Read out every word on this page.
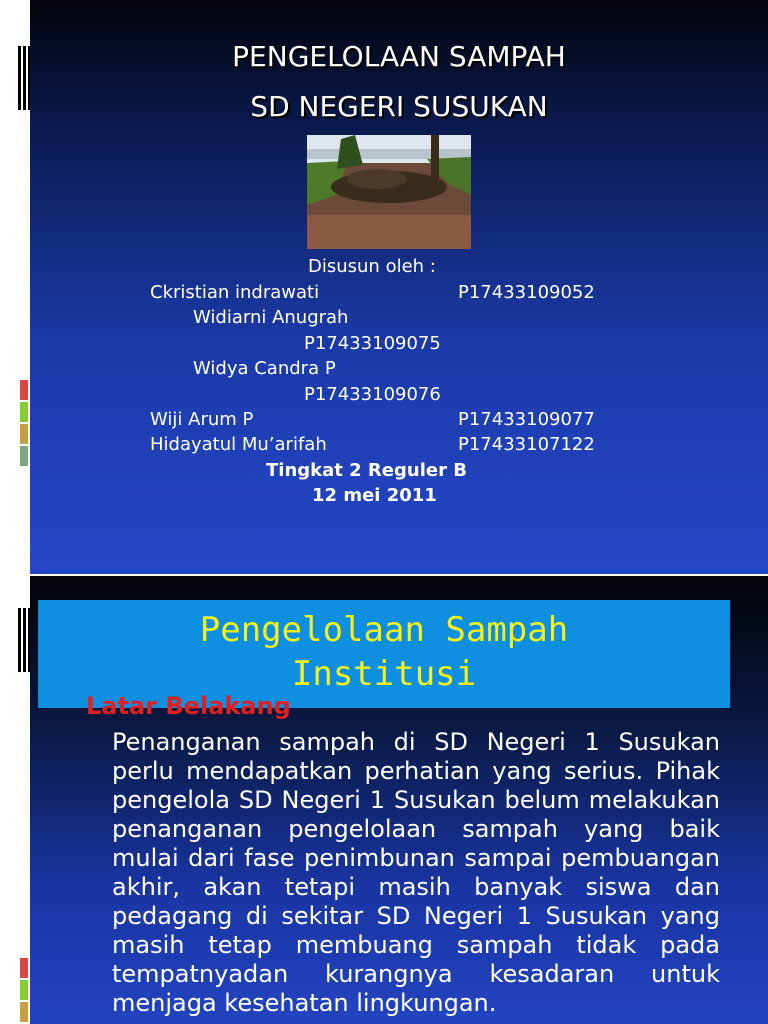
PENGELOLAAN SAMPAH
SD NEGERI SUSUKAN
Disusun oleh :
Ckristian indrawati	P17433109052
Widiarni Anugrah
P17433109075
Widya Candra P
P17433109076
Wiji Arum P	P17433109077
Hidayatul Mu’arifah	P17433107122
Tingkat 2 Reguler B
12 mei 2011
Pengelolaan Sampah
Institusi
Latar Belakang
Penanganan sampah di SD Negeri 1 Susukan perlu mendapatkan perhatian yang serius. Pihak pengelola SD Negeri 1 Susukan belum melakukan penanganan pengelolaan sampah yang baik mulai dari fase penimbunan sampai pembuangan akhir, akan tetapi masih banyak siswa dan pedagang di sekitar SD Negeri 1 Susukan yang masih tetap membuang sampah tidak pada tempatnyadan kurangnya kesadaran untuk menjaga kesehatan lingkungan.
